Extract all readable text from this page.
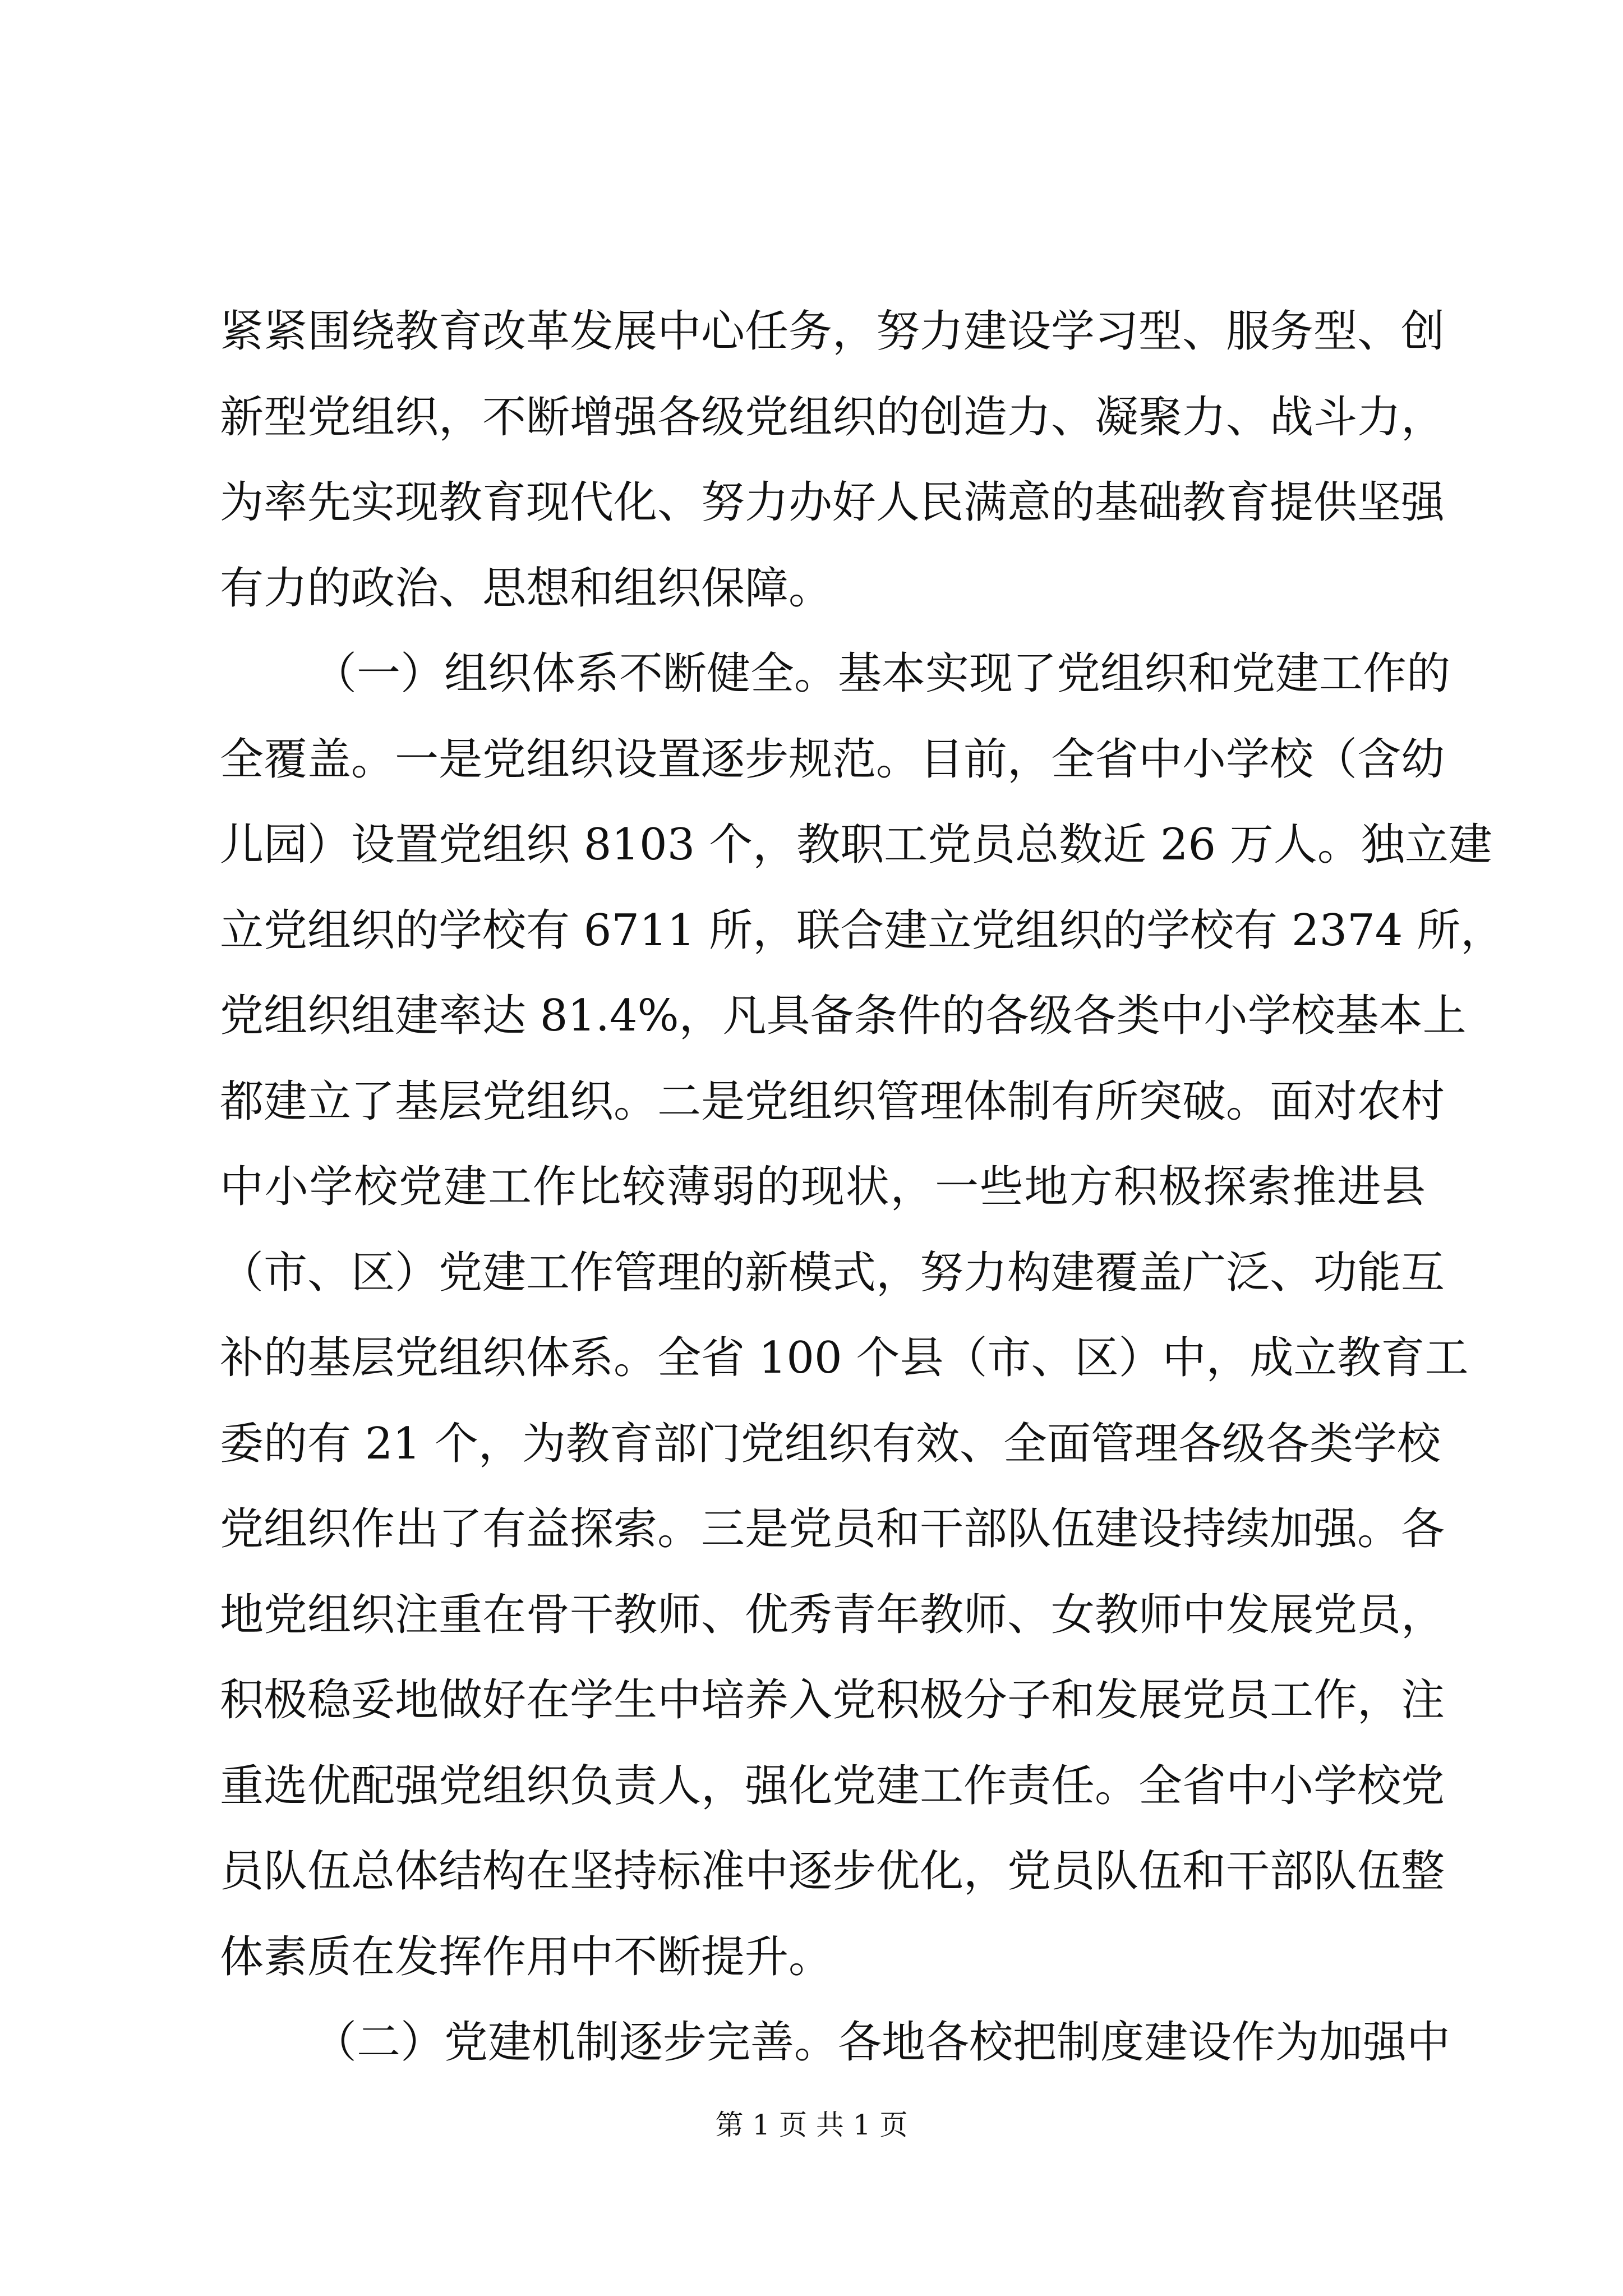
紧紧围绕教育改革发展中心任务，努力建设学习型、服务型、创
新型党组织，不断增强各级党组织的创造力、凝聚力、战斗力，
为率先实现教育现代化、努力办好人民满意的基础教育提供坚强
有力的政治、思想和组织保障。
（一）组织体系不断健全。基本实现了党组织和党建工作的
全覆盖。一是党组织设置逐步规范。目前，全省中小学校（含幼
儿园）设置党组织 8103 个，教职工党员总数近 26 万人。独立建
立党组织的学校有 6711 所，联合建立党组织的学校有 2374 所，
党组织组建率达 81.4%，凡具备条件的各级各类中小学校基本上
都建立了基层党组织。二是党组织管理体制有所突破。面对农村
中小学校党建工作比较薄弱的现状，一些地方积极探索推进县
（市、区）党建工作管理的新模式，努力构建覆盖广泛、功能互
补的基层党组织体系。全省 100 个县（市、区）中，成立教育工
委的有 21 个，为教育部门党组织有效、全面管理各级各类学校
党组织作出了有益探索。三是党员和干部队伍建设持续加强。各
地党组织注重在骨干教师、优秀青年教师、女教师中发展党员，
积极稳妥地做好在学生中培养入党积极分子和发展党员工作，注
重选优配强党组织负责人，强化党建工作责任。全省中小学校党
员队伍总体结构在坚持标准中逐步优化，党员队伍和干部队伍整
体素质在发挥作用中不断提升。
（二）党建机制逐步完善。各地各校把制度建设作为加强中
第 1 页 共 1 页
